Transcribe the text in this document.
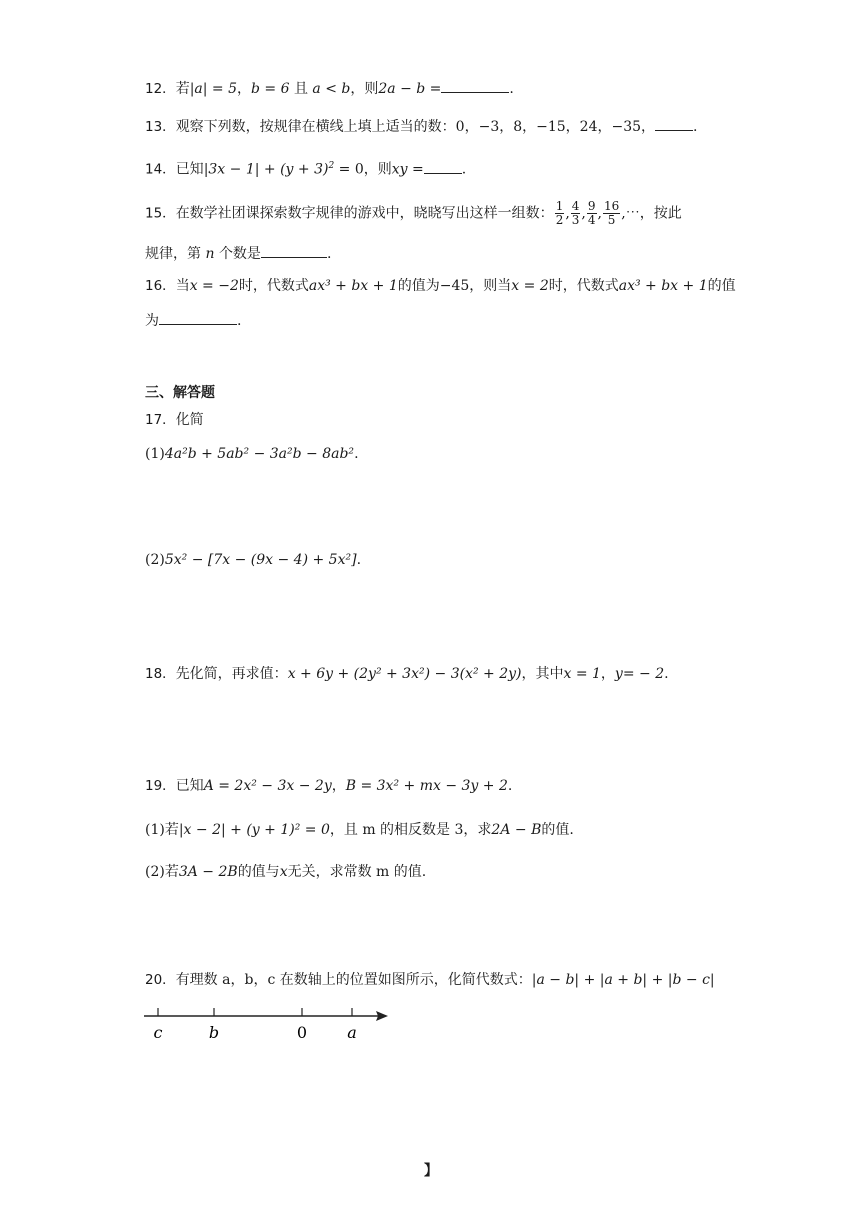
12．若|a| = 5，b = 6 且 a < b，则2a − b =	.
13．观察下列数，按规律在横线上填上适当的数：0，−3，8，−15，24，−35，	.
14．已知$|3x - 1| + (y + 3)^2 = 0$，则xy =	.
15．在数学社团课探索数字规律的游戏中，晓晓写出这样一组数： $\frac{1}{2}$ , $\frac{4}{3}$ , $\frac{9}{4}$ , $\frac{16}{5}$ ,⋯，按此
规律，第 n 个数是	.
16．当x = −2时，代数式ax³ + bx + 1的值为−45，则当x = 2时，代数式ax³ + bx + 1的值
为	.
三、解答题
17．化简
(1)4a²b + 5ab² − 3a²b − 8ab².
(2)5x² − [7x − (9x − 4) + 5x²].
18．先化简，再求值：x + 6y + (2y² + 3x²) − 3(x² + 2y)，其中x = 1，y= − 2.
19．已知A = 2x² − 3x − 2y，B = 3x² + mx − 3y + 2.
(1)若|x − 2| + (y + 1)² = 0，且 m 的相反数是 3，求2A − B的值.
(2)若3A − 2B的值与x无关，求常数 m 的值.
20．有理数 a，b，c 在数轴上的位置如图所示，化简代数式：|a − b| + |a + b| + |b − c|
c	b	0	a
】
